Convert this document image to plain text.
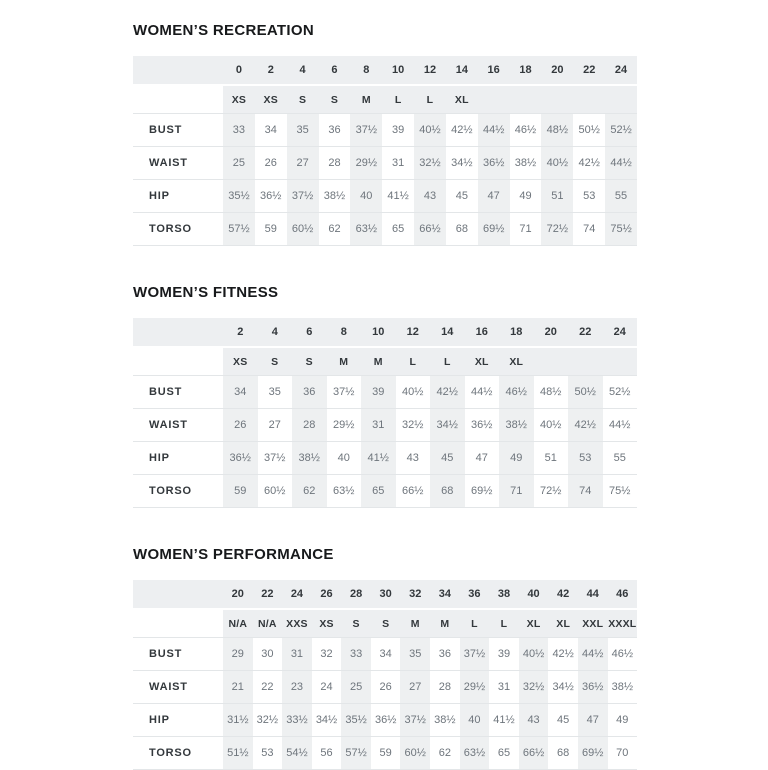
WOMEN’S RECREATION
0	2	4	6	8	10	12	14	16	18	20	22	24
XS	XS	S	S	M	L	L	XL
BUST	33	34	35	36	37½	39	40½ 42½ 44½ 46½ 48½ 50½ 52½
WAIST	25	26	27	28	29½	31	32½ 34½ 36½ 38½ 40½ 42½ 44½
HIP	35½ 36½ 37½ 38½	40	41½	43	45	47	49	51	53	55
TORSO	57½	59	60½	62	63½	65	66½	68	69½	71	72½	74	75½
WOMEN’S FITNESS
2	4	6	8	10	12	14	16	18	20	22	24
XS	S	S	M	M	L	L	XL	XL
BUST	34	35	36	37½	39	40½	42½	44½	46½	48½	50½	52½
WAIST	26	27	28	29½	31	32½	34½	36½	38½	40½	42½	44½
HIP	36½	37½	38½	40	41½	43	45	47	49	51	53	55
TORSO	59	60½	62	63½	65	66½	68	69½	71	72½	74	75½
WOMEN’S PERFORMANCE
20	22	24	26	28	30	32	34	36	38	40	42	44	46
N/A	N/A XXS	XS	S	S	M	M	L	L	XL	XL	XXL XXXL
BUST	29	30	31	32	33	34	35	36	37½	39	40½ 42½ 44½ 46½
WAIST	21	22	23	24	25	26	27	28	29½	31	32½ 34½ 36½ 38½
HIP	31½ 32½ 33½ 34½ 35½ 36½ 37½ 38½	40	41½	43	45	47	49
TORSO	51½	53	54½	56	57½	59	60½	62	63½	65	66½	68	69½	70
